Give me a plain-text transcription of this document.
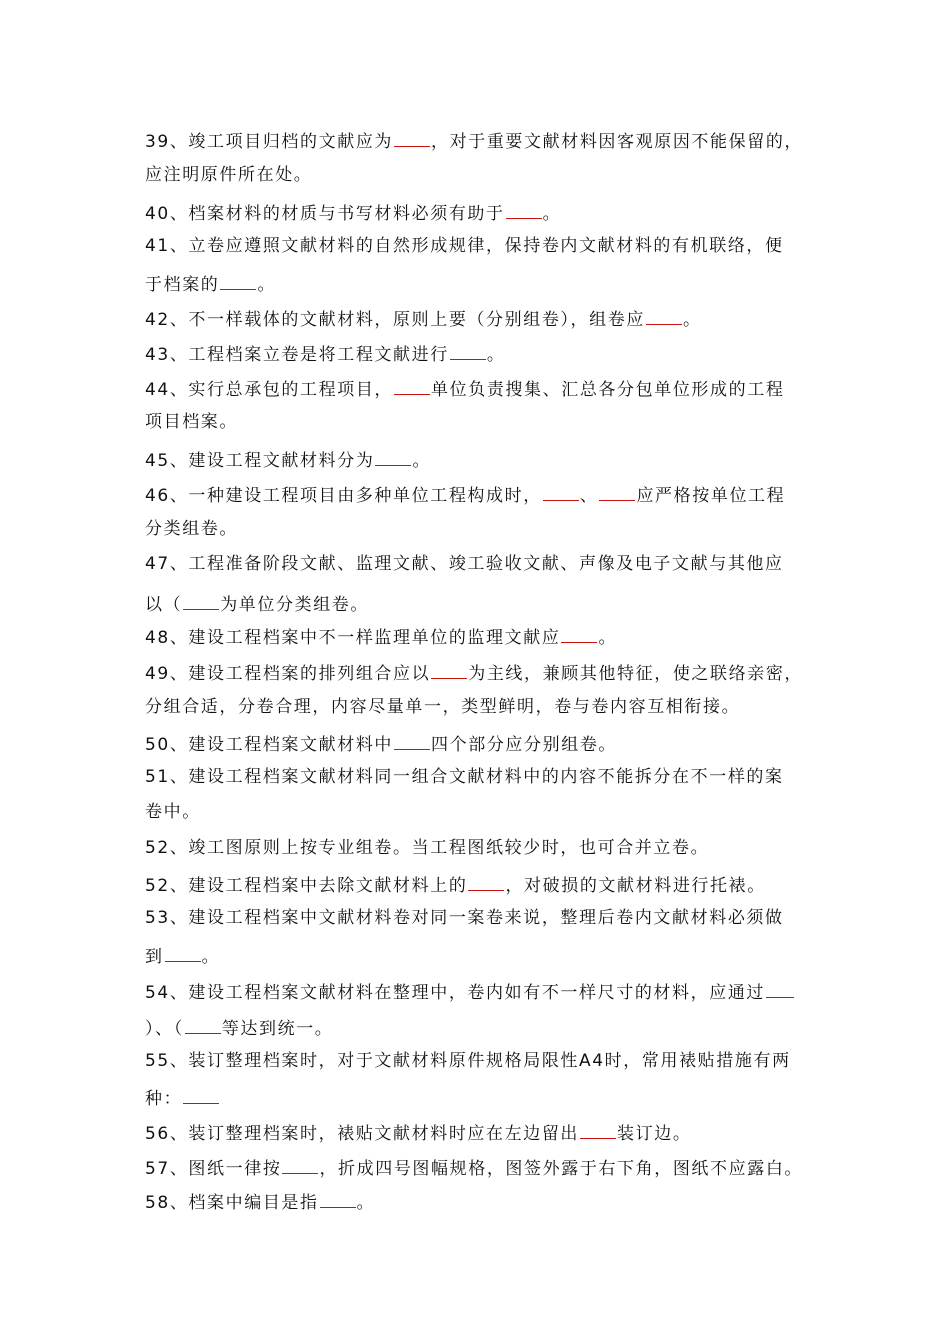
39、竣工项目归档的文献应为 ，对于重要文献材料因客观原因不能保留的，
应注明原件所在处。
40、档案材料的材质与书写材料必须有助于 。
41、立卷应遵照文献材料的自然形成规律，保持卷内文献材料的有机联络，便
于档案的 。
42、不一样载体的文献材料，原则上要（分别组卷），组卷应 。
43、工程档案立卷是将工程文献进行 。
44、实行总承包的工程项目， 单位负责搜集、汇总各分包单位形成的工程
项目档案。
45、建设工程文献材料分为 。
46、一种建设工程项目由多种单位工程构成时， 、 应严格按单位工程
分类组卷。
47、工程准备阶段文献、监理文献、竣工验收文献、声像及电子文献与其他应
以（ 为单位分类组卷。
48、建设工程档案中不一样监理单位的监理文献应 。
49、建设工程档案的排列组合应以 为主线，兼顾其他特征，使之联络亲密，
分组合适，分卷合理，内容尽量单一，类型鲜明，卷与卷内容互相衔接。
50、建设工程档案文献材料中 四个部分应分别组卷。
51、建设工程档案文献材料同一组合文献材料中的内容不能拆分在不一样的案
卷中。
52、竣工图原则上按专业组卷。当工程图纸较少时，也可合并立卷。
52、建设工程档案中去除文献材料上的 ，对破损的文献材料进行托裱。
53、建设工程档案中文献材料卷对同一案卷来说，整理后卷内文献材料必须做
到 。
54、建设工程档案文献材料在整理中，卷内如有不一样尺寸的材料，应通过
）、（ 等达到统一。
55、装订整理档案时，对于文献材料原件规格局限性A4时，常用裱贴措施有两
种：
56、装订整理档案时，裱贴文献材料时应在左边留出 装订边。
57、图纸一律按 ，折成四号图幅规格，图签外露于右下角，图纸不应露白。
58、档案中编目是指 。
